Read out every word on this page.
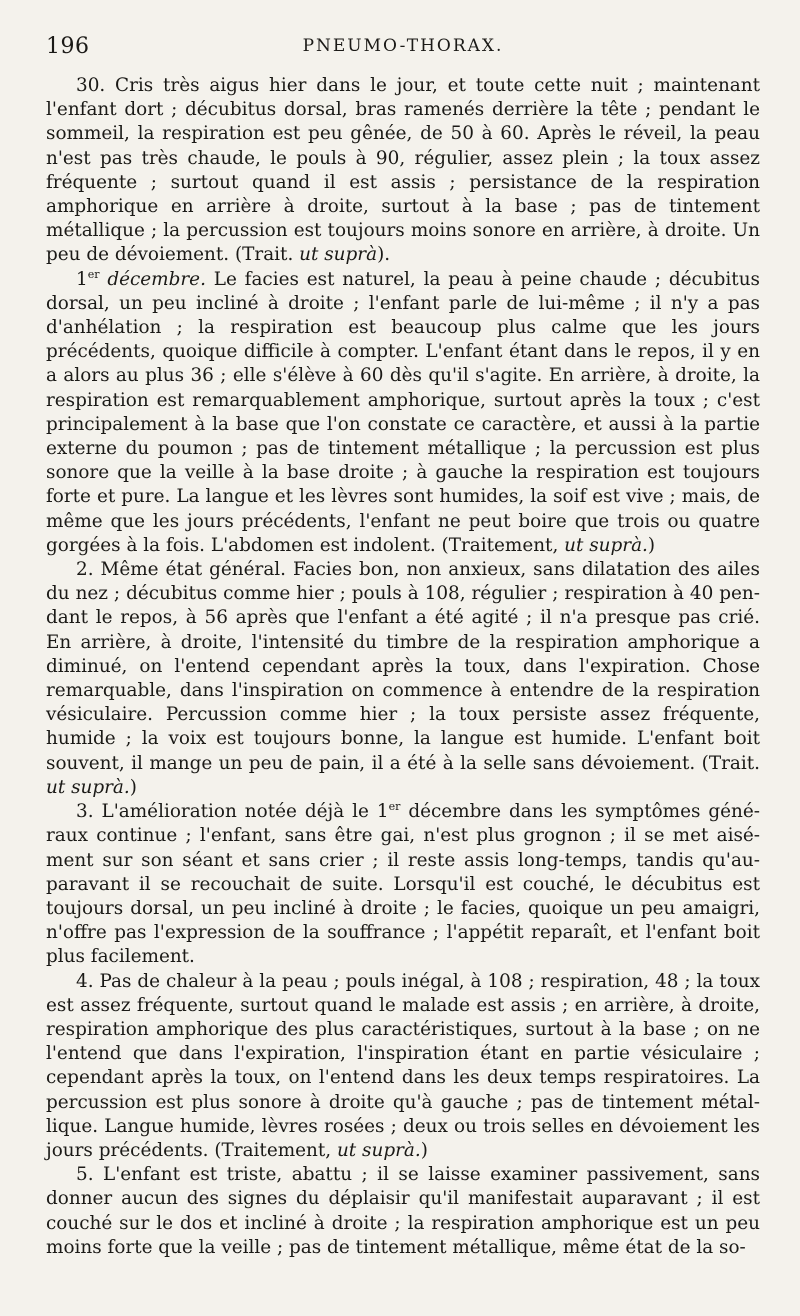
196	PNEUMO-THORAX.

30. Cris très aigus hier dans le jour, et toute cette nuit ; maintenant l'enfant dort ; décubitus dorsal, bras ramenés derrière la tête ; pendant le sommeil, la respiration est peu gênée, de 50 à 60. Après le réveil, la peau n'est pas très chaude, le pouls à 90, régulier, assez plein ; la toux assez fréquente ; surtout quand il est assis ; persistance de la respiration amphorique en arrière à droite, surtout à la base ; pas de tintement métallique ; la percussion est toujours moins sonore en arrière, à droite. Un peu de dévoiement. (Trait. ut suprà).

1er décembre. Le facies est naturel, la peau à peine chaude ; décubitus dorsal, un peu incliné à droite ; l'enfant parle de lui-même ; il n'y a pas d'anhélation ; la respiration est beaucoup plus calme que les jours précédents, quoique difficile à compter. L'enfant étant dans le repos, il y en a alors au plus 36 ; elle s'élève à 60 dès qu'il s'agite. En arrière, à droite, la respiration est remarquablement amphorique, surtout après la toux ; c'est principalement à la base que l'on constate ce caractère, et aussi à la partie externe du poumon ; pas de tintement métallique ; la percussion est plus sonore que la veille à la base droite ; à gauche la respiration est toujours forte et pure. La langue et les lèvres sont humides, la soif est vive ; mais, de même que les jours précédents, l'enfant ne peut boire que trois ou quatre gorgées à la fois. L'abdomen est indolent. (Traitement, ut suprà.)

2. Même état général. Facies bon, non anxieux, sans dilatation des ailes du nez ; décubitus comme hier ; pouls à 108, régulier ; respiration à 40 pendant le repos, à 56 après que l'enfant a été agité ; il n'a presque pas crié. En arrière, à droite, l'intensité du timbre de la respiration amphorique a diminué, on l'entend cependant après la toux, dans l'expiration. Chose remarquable, dans l'inspiration on commence à entendre de la respiration vésiculaire. Percussion comme hier ; la toux persiste assez fréquente, humide ; la voix est toujours bonne, la langue est humide. L'enfant boit souvent, il mange un peu de pain, il a été à la selle sans dévoiement. (Trait. ut suprà.)

3. L'amélioration notée déjà le 1er décembre dans les symptômes généraux continue ; l'enfant, sans être gai, n'est plus grognon ; il se met aisément sur son séant et sans crier ; il reste assis long-temps, tandis qu'auparavant il se recouchait de suite. Lorsqu'il est couché, le décubitus est toujours dorsal, un peu incliné à droite ; le facies, quoique un peu amaigri, n'offre pas l'expression de la souffrance ; l'appétit reparaît, et l'enfant boit plus facilement.

4. Pas de chaleur à la peau ; pouls inégal, à 108 ; respiration, 48 ; la toux est assez fréquente, surtout quand le malade est assis ; en arrière, à droite, respiration amphorique des plus caractéristiques, surtout à la base ; on ne l'entend que dans l'expiration, l'inspiration étant en partie vésiculaire ; cependant après la toux, on l'entend dans les deux temps respiratoires. La percussion est plus sonore à droite qu'à gauche ; pas de tintement métallique. Langue humide, lèvres rosées ; deux ou trois selles en dévoiement les jours précédents. (Traitement, ut suprà.)

5. L'enfant est triste, abattu ; il se laisse examiner passivement, sans donner aucun des signes du déplaisir qu'il manifestait auparavant ; il est couché sur le dos et incliné à droite ; la respiration amphorique est un peu moins forte que la veille ; pas de tintement métallique, même état de la so-
